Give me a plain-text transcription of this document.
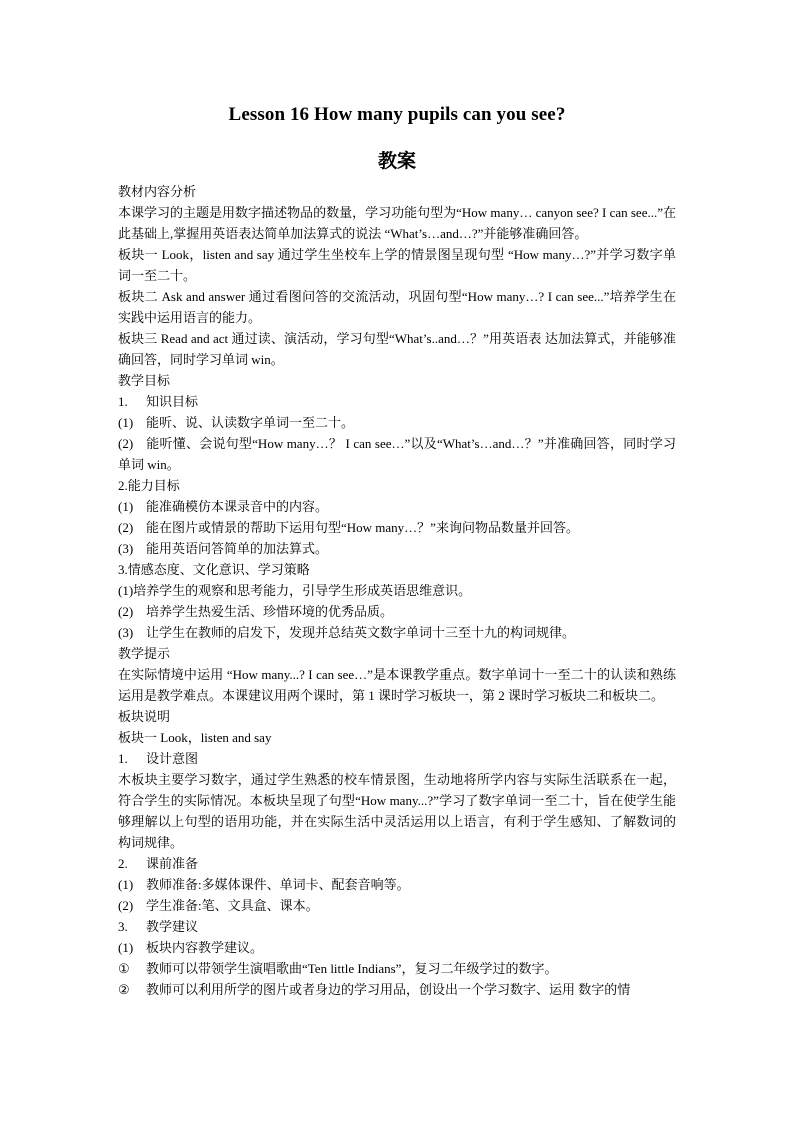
Lesson 16 How many pupils can you see?
教案

教材内容分析

本课学习的主题是用数字描述物品的数量，学习功能句型为“How many… canyon see? I can see...”在此基础上,掌握用英语表达简单加法算式的说法 “What’s…and…?”并能够准确回答。

板块一 Look，listen and say 通过学生坐校车上学的情景图呈现句型 “How many…?”并学习数字单词一至二十。

板块二 Ask and answer 通过看图问答的交流活动，巩固句型“How many…? I can see...”培养学生在实践中运用语言的能力。

板块三 Read and act 通过读、演活动，学习句型“What’s..and…？”用英语表 达加法算式，并能够准确回答，同时学习单词 win。

教学目标

1.	知识目标
(1) 能听、说、认读数字单词一至二十。
(2) 能听懂、会说句型“How many…？ I can see…”以及“What’s…and…？”并准确回答，同时学习单词 win。

2.能力目标

(1) 能准确模仿本课录音中的内容。
(2) 能在图片或情景的帮助下运用句型“How many…？”来询问物品数量并回答。
(3) 能用英语问答简单的加法算式。

3.情感态度、文化意识、学习策略

(1)培养学生的观察和思考能力，引导学生形成英语思维意识。

(2) 培养学生热爱生活、珍惜环境的优秀品质。
(3) 让学生在教师的启发下，发现并总结英文数字单词十三至十九的构词规律。

教学提示

在实际情境中运用 “How many...? I can see…”是本课教学重点。数字单词十一至二十的认读和熟练运用是教学难点。本课建议用两个课时，第 1 课时学习板块一，第 2 课时学习板块二和板块二。

板块说明

板块一 Look，listen and say

1.	设计意图

木板块主要学习数字，通过学生熟悉的校车情景图，生动地将所学内容与实际生活联系在一起，符合学生的实际情况。本板块呈现了句型“How many...?”学习了数字单词一至二十，旨在使学生能够理解以上句型的语用功能，并在实际生活中灵活运用以上语言，有利于学生感知、了解数词的构词规律。

2.	课前准备
(1) 教师准备:多媒体课件、单词卡、配套音响等。
(2) 学生准备:笔、文具盒、课本。
3.	教学建议
(1) 板块内容教学建议。
①	教师可以带领学生演唱歌曲“Ten little Indians”，复习二年级学过的数字。
②	教师可以利用所学的图片或者身边的学习用品，创设出一个学习数字、运用 数字的情
